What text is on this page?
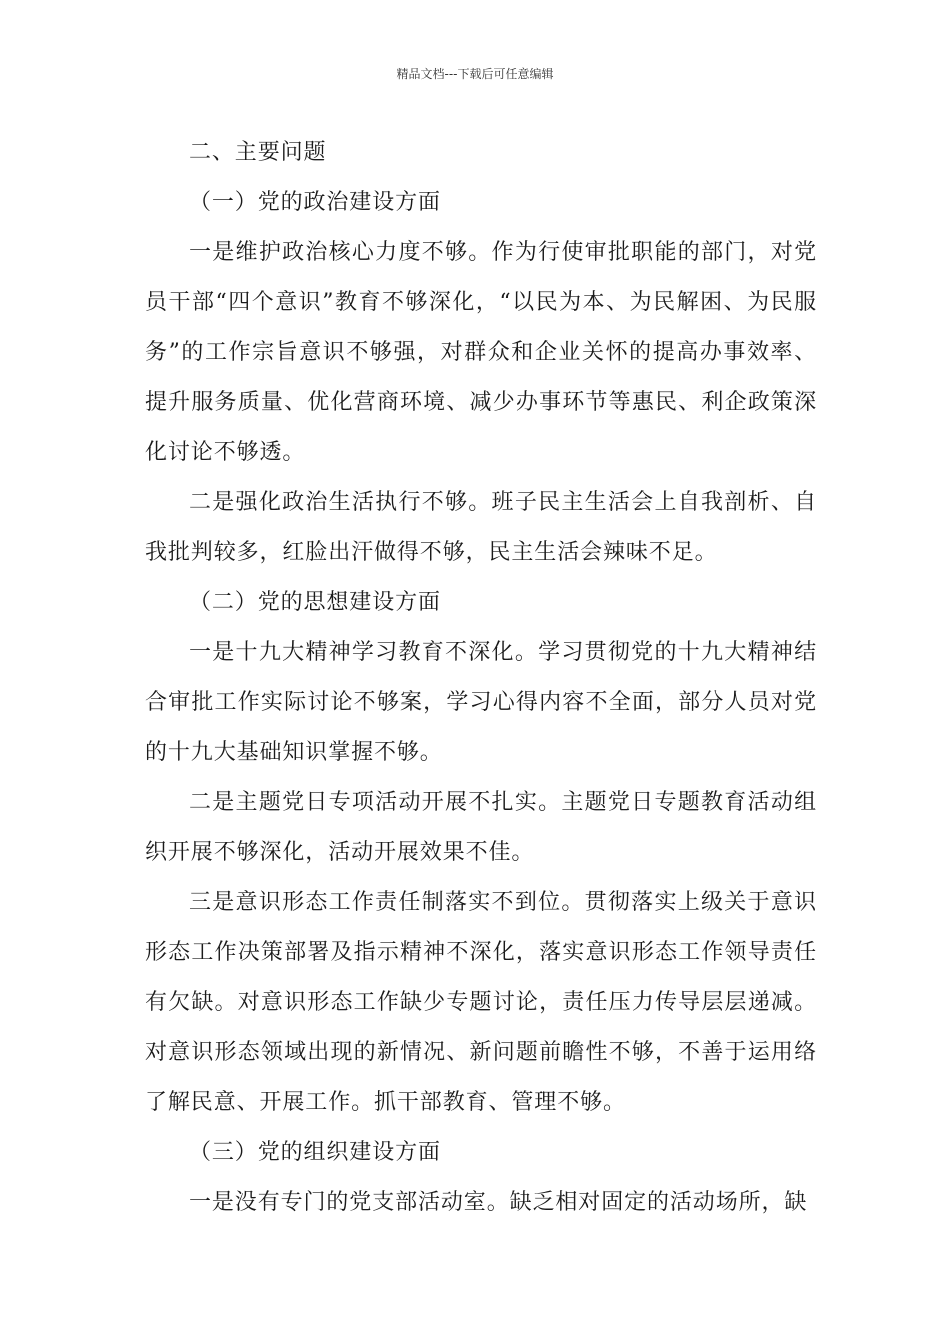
精品文档---下载后可任意编辑

二、主要问题

（一）党的政治建设方面

一是维护政治核心力度不够。作为行使审批职能的部门，对党员干部“四个意识”教育不够深化，“以民为本、为民解困、为民服务”的工作宗旨意识不够强，对群众和企业关怀的提高办事效率、提升服务质量、优化营商环境、减少办事环节等惠民、利企政策深化讨论不够透。

二是强化政治生活执行不够。班子民主生活会上自我剖析、自我批判较多，红脸出汗做得不够，民主生活会辣味不足。

（二）党的思想建设方面

一是十九大精神学习教育不深化。学习贯彻党的十九大精神结合审批工作实际讨论不够案，学习心得内容不全面，部分人员对党的十九大基础知识掌握不够。

二是主题党日专项活动开展不扎实。主题党日专题教育活动组织开展不够深化，活动开展效果不佳。

三是意识形态工作责任制落实不到位。贯彻落实上级关于意识形态工作决策部署及指示精神不深化，落实意识形态工作领导责任有欠缺。对意识形态工作缺少专题讨论，责任压力传导层层递减。对意识形态领域出现的新情况、新问题前瞻性不够，不善于运用络了解民意、开展工作。抓干部教育、管理不够。

（三）党的组织建设方面

一是没有专门的党支部活动室。缺乏相对固定的活动场所，缺
